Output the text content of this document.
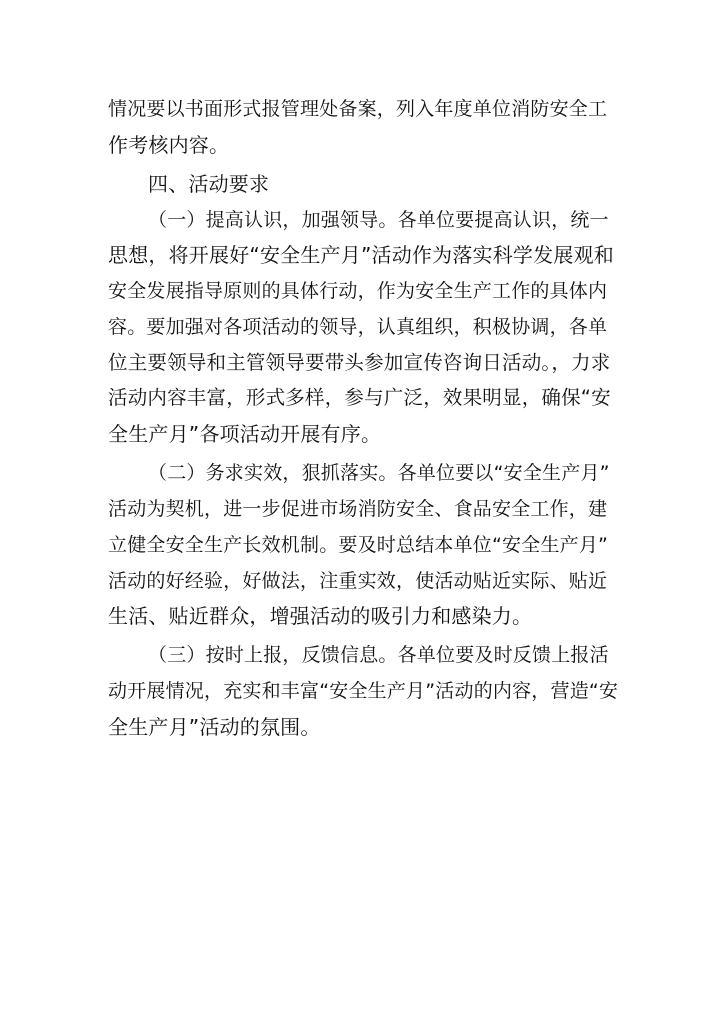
情况要以书面形式报管理处备案，列入年度单位消防安全工
作考核内容。
四、活动要求
（一）提高认识，加强领导。各单位要提高认识，统一
思想，将开展好“安全生产月”活动作为落实科学发展观和
安全发展指导原则的具体行动，作为安全生产工作的具体内
容。要加强对各项活动的领导，认真组织，积极协调，各单
位主要领导和主管领导要带头参加宣传咨询日活动。，力求
活动内容丰富，形式多样，参与广泛，效果明显，确保“安
全生产月”各项活动开展有序。
（二）务求实效，狠抓落实。各单位要以“安全生产月”
活动为契机，进一步促进市场消防安全、食品安全工作，建
立健全安全生产长效机制。要及时总结本单位“安全生产月”
活动的好经验，好做法，注重实效，使活动贴近实际、贴近
生活、贴近群众，增强活动的吸引力和感染力。
（三）按时上报，反馈信息。各单位要及时反馈上报活
动开展情况，充实和丰富“安全生产月”活动的内容，营造“安
全生产月”活动的氛围。
